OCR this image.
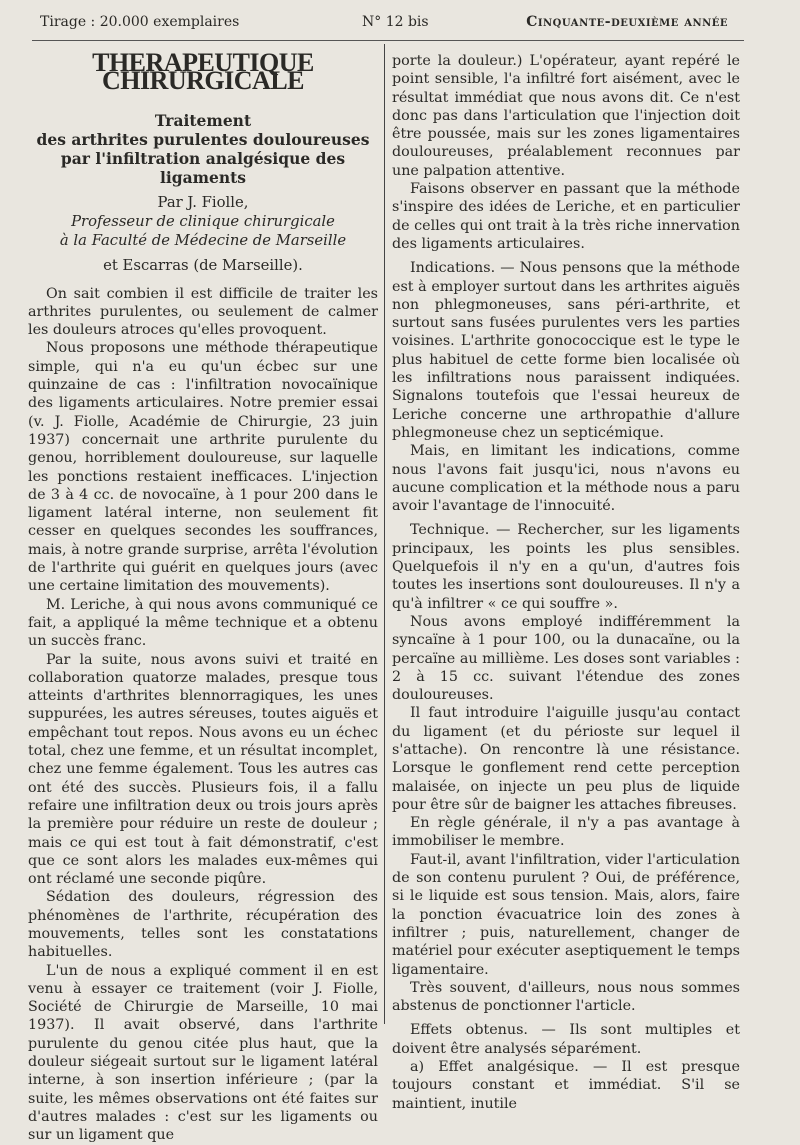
Tirage : 20.000 exemplaires	N° 12 bis	Cinquante-deuxième année
THERAPEUTIQUE CHIRURGICALE
Traitement
des arthrites purulentes douloureuses
par l'infiltration analgésique des ligaments
Par J. Fiolle,
Professeur de clinique chirurgicale
à la Faculté de Médecine de Marseille
et Escarras (de Marseille).

On sait combien il est difficile de traiter les arthrites purulentes, ou seulement de calmer les douleurs atroces qu'elles provoquent.

Nous proposons une méthode thérapeutique simple, qui n'a eu qu'un écbec sur une quinzaine de cas : l'infiltration novocaïnique des ligaments articulaires. Notre premier essai (v. J. Fiolle, Académie de Chirurgie, 23 juin 1937) concernait une arthrite purulente du genou, horriblement douloureuse, sur laquelle les ponctions restaient inefficaces. L'injection de 3 à 4 cc. de novocaïne, à 1 pour 200 dans le ligament latéral interne, non seulement fit cesser en quelques secondes les souffrances, mais, à notre grande surprise, arrêta l'évolution de l'arthrite qui guérit en quelques jours (avec une certaine limitation des mouvements).

M. Leriche, à qui nous avons communiqué ce fait, a appliqué la même technique et a obtenu un succès franc.

Par la suite, nous avons suivi et traité en collaboration quatorze malades, presque tous atteints d'arthrites blennorragiques, les unes suppurées, les autres séreuses, toutes aiguës et empêchant tout repos. Nous avons eu un échec total, chez une femme, et un résultat incomplet, chez une femme également. Tous les autres cas ont été des succès. Plusieurs fois, il a fallu refaire une infiltration deux ou trois jours après la première pour réduire un reste de douleur ; mais ce qui est tout à fait démonstratif, c'est que ce sont alors les malades eux-mêmes qui ont réclamé une seconde piqûre.

Sédation des douleurs, régression des phénomènes de l'arthrite, récupération des mouvements, telles sont les constatations habituelles.

L'un de nous a expliqué comment il en est venu à essayer ce traitement (voir J. Fiolle, Société de Chirurgie de Marseille, 10 mai 1937). Il avait observé, dans l'arthrite purulente du genou citée plus haut, que la douleur siégeait surtout sur le ligament latéral interne, à son insertion inférieure ; (par la suite, les mêmes observations ont été faites sur d'autres malades : c'est sur les ligaments ou sur un ligament que

porte la douleur.) L'opérateur, ayant repéré le point sensible, l'a infiltré fort aisément, avec le résultat immédiat que nous avons dit. Ce n'est donc pas dans l'articulation que l'injection doit être poussée, mais sur les zones ligamentaires douloureuses, préalablement reconnues par une palpation attentive.

Faisons observer en passant que la méthode s'inspire des idées de Leriche, et en particulier de celles qui ont trait à la très riche innervation des ligaments articulaires.

Indications. — Nous pensons que la méthode est à employer surtout dans les arthrites aiguës non phlegmoneuses, sans péri-arthrite, et surtout sans fusées purulentes vers les parties voisines. L'arthrite gonococcique est le type le plus habituel de cette forme bien localisée où les infiltrations nous paraissent indiquées. Signalons toutefois que l'essai heureux de Leriche concerne une arthropathie d'allure phlegmoneuse chez un septicémique.

Mais, en limitant les indications, comme nous l'avons fait jusqu'ici, nous n'avons eu aucune complication et la méthode nous a paru avoir l'avantage de l'innocuité.

Technique. — Rechercher, sur les ligaments principaux, les points les plus sensibles. Quelquefois il n'y en a qu'un, d'autres fois toutes les insertions sont douloureuses. Il n'y a qu'à infiltrer « ce qui souffre ».

Nous avons employé indifféremment la syncaïne à 1 pour 100, ou la dunacaïne, ou la percaïne au millième. Les doses sont variables : 2 à 15 cc. suivant l'étendue des zones douloureuses.

Il faut introduire l'aiguille jusqu'au contact du ligament (et du périoste sur lequel il s'attache). On rencontre là une résistance. Lorsque le gonflement rend cette perception malaisée, on injecte un peu plus de liquide pour être sûr de baigner les attaches fibreuses.

En règle générale, il n'y a pas avantage à immobiliser le membre.

Faut-il, avant l'infiltration, vider l'articulation de son contenu purulent ? Oui, de préférence, si le liquide est sous tension. Mais, alors, faire la ponction évacuatrice loin des zones à infiltrer ; puis, naturellement, changer de matériel pour exécuter aseptiquement le temps ligamentaire.

Très souvent, d'ailleurs, nous nous sommes abstenus de ponctionner l'article.

Effets obtenus. — Ils sont multiples et doivent être analysés séparément.

a) Effet analgésique. — Il est presque toujours constant et immédiat. S'il se maintient, inutile
